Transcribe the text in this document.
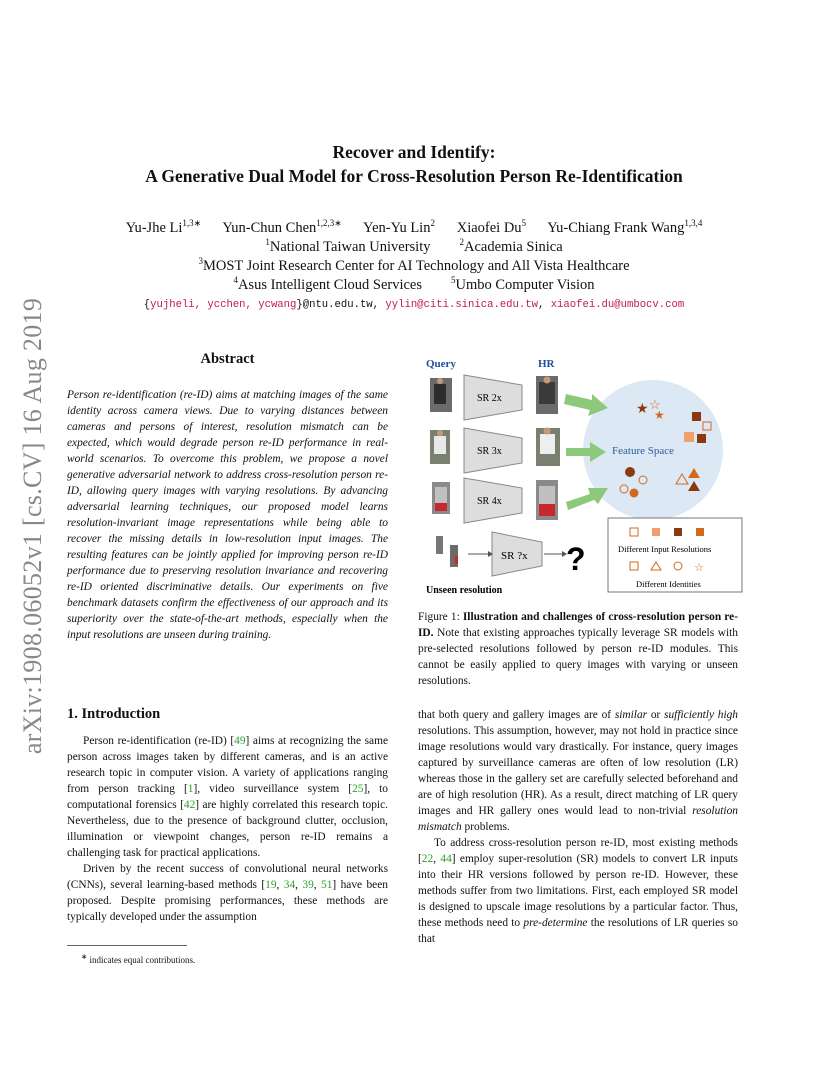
arXiv:1908.06052v1 [cs.CV] 16 Aug 2019
Recover and Identify:
A Generative Dual Model for Cross-Resolution Person Re-Identification
Yu-Jhe $Li^{1,3∗}$ Yun-Chun Chen$^{1,2,3∗}$ Yen-Yu Lin$^2$ Xiaofei Du$^5$ Yu-Chiang Frank Wang$^{1,3,4}$
$^1$National Taiwan University	$^2$Academia Sinica
$^3$MOST Joint Research Center for AI Technology and All Vista Healthcare
$^4$Asus Intelligent Cloud Services	$^5$Umbo Computer Vision
{yujheli, ycchen, ycwang}@ntu.edu.tw, yylin@citi.sinica.edu.tw, xiaofei.du@umbocv.com
Abstract
Person re-identification (re-ID) aims at matching images of the same identity across camera views. Due to varying distances between cameras and persons of interest, resolution mismatch can be expected, which would degrade person re-ID performance in real-world scenarios. To overcome this problem, we propose a novel generative adversarial network to address cross-resolution person re-ID, allowing query images with varying resolutions. By advancing adversarial learning techniques, our proposed model learns resolution-invariant image representations while being able to recover the missing details in low-resolution input images. The resulting features can be jointly applied for improving person re-ID performance due to preserving resolution invariance and recovering re-ID oriented discriminative details. Our experiments on five benchmark datasets confirm the effectiveness of our approach and its superiority over the state-of-the-art methods, especially when the input resolutions are unseen during training.
Query	HR
Feature Space
SR 2x
SR 3x
SR 4x
SR ?x ?
★ ☆
★
Different Input Resolutions
☆
Different Identities
Unseen resolution
Figure 1: Illustration and challenges of cross-resolution person re-ID. Note that existing approaches typically leverage SR models with pre-selected resolutions followed by person re-ID modules. This cannot be easily applied to query images with varying or unseen resolutions.
1. Introduction

Person re-identification (re-ID) [49] aims at recognizing the same person across images taken by different cameras, and is an active research topic in computer vision. A variety of applications ranging from person tracking [1], video surveillance system [25], to computational forensics [42] are highly correlated this research topic. Nevertheless, due to the presence of background clutter, occlusion, illumination or viewpoint changes, person re-ID remains a challenging task for practical applications.

Driven by the recent success of convolutional neural networks (CNNs), several learning-based methods [19, 34, 39, 51] have been proposed. Despite promising performances, these methods are typically developed under the assumption

that both query and gallery images are of similar or sufficiently high resolutions. This assumption, however, may not hold in practice since image resolutions would vary drastically. For instance, query images captured by surveillance cameras are often of low resolution (LR) whereas those in the gallery set are carefully selected beforehand and are of high resolution (HR). As a result, direct matching of LR query images and HR gallery ones would lead to non-trivial resolution mismatch problems.

To address cross-resolution person re-ID, most existing methods [22, 44] employ super-resolution (SR) models to convert LR inputs into their HR versions followed by person re-ID. However, these methods suffer from two limitations. First, each employed SR model is designed to upscale image resolutions by a particular factor. Thus, these methods need to pre-determine the resolutions of LR queries so that

∗ indicates equal contributions.
